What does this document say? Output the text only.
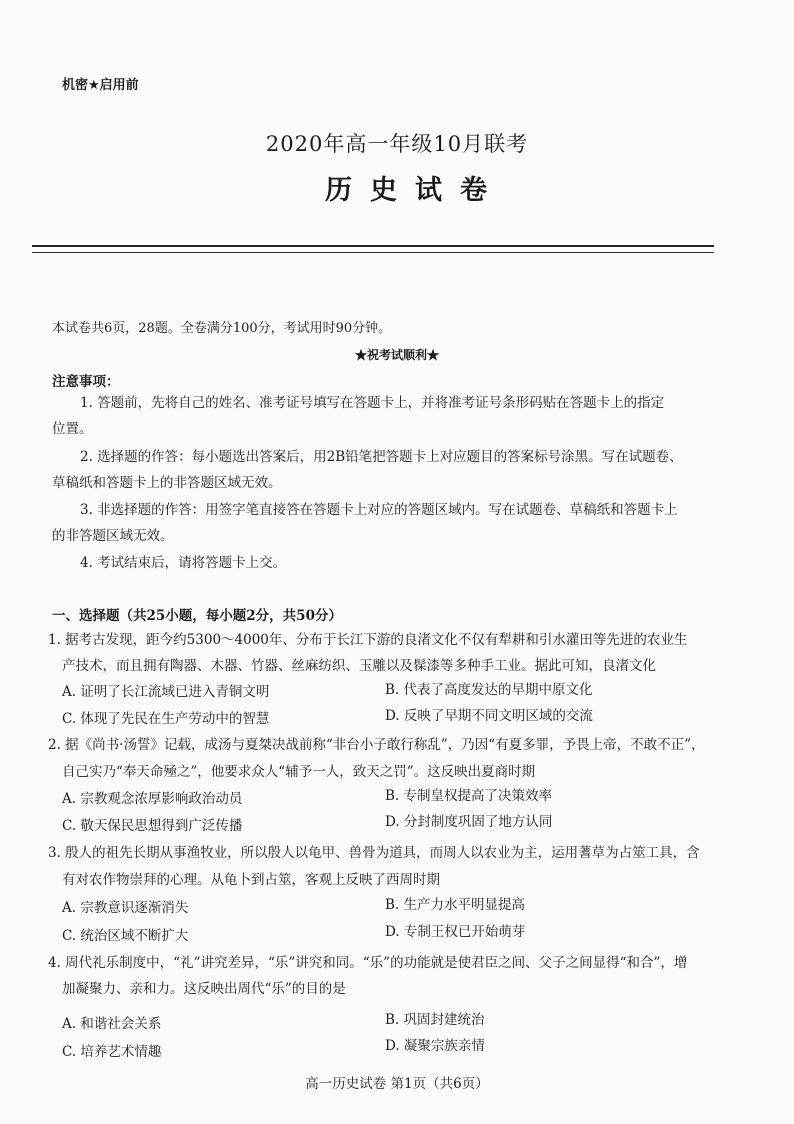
机密★启用前
2020年高一年级10月联考
历史试卷
本试卷共6页，28题。全卷满分100分，考试用时90分钟。
★祝考试顺利★
注意事项：
1. 答题前，先将自己的姓名、准考证号填写在答题卡上，并将准考证号条形码贴在答题卡上的指定
位置。
2. 选择题的作答：每小题选出答案后，用2B铅笔把答题卡上对应题目的答案标号涂黑。写在试题卷、
草稿纸和答题卡上的非答题区域无效。
3. 非选择题的作答：用签字笔直接答在答题卡上对应的答题区域内。写在试题卷、草稿纸和答题卡上
的非答题区域无效。
4. 考试结束后，请将答题卡上交。
一、选择题（共25小题，每小题2分，共50分）
1. 据考古发现，距今约5300～4000年、分布于长江下游的良渚文化不仅有犁耕和引水灌田等先进的农业生
产技术，而且拥有陶器、木器、竹器、丝麻纺织、玉雕以及髹漆等多种手工业。据此可知，良渚文化
A. 证明了长江流域已进入青铜文明	B. 代表了高度发达的早期中原文化
C. 体现了先民在生产劳动中的智慧	D. 反映了早期不同文明区域的交流
2. 据《尚书·汤誓》记载，成汤与夏桀决战前称“非台小子敢行称乱”，乃因“有夏多罪，予畏上帝，不敢不正”，
自己实乃“奉天命殛之”，他要求众人“辅予一人，致天之罚”。这反映出夏商时期
A. 宗教观念浓厚影响政治动员	B. 专制皇权提高了决策效率
C. 敬天保民思想得到广泛传播	D. 分封制度巩固了地方认同
3. 殷人的祖先长期从事渔牧业，所以殷人以龟甲、兽骨为道具，而周人以农业为主，运用蓍草为占筮工具，含
有对农作物崇拜的心理。从龟卜到占筮，客观上反映了西周时期
A. 宗教意识逐渐消失	B. 生产力水平明显提高
C. 统治区域不断扩大	D. 专制王权已开始萌芽
4. 周代礼乐制度中，“礼”讲究差异，“乐”讲究和同。“乐”的功能就是使君臣之间、父子之间显得“和合”，增
加凝聚力、亲和力。这反映出周代“乐”的目的是
A. 和谐社会关系	B. 巩固封建统治
C. 培养艺术情趣	D. 凝聚宗族亲情
高一历史试卷 第1页（共6页）
